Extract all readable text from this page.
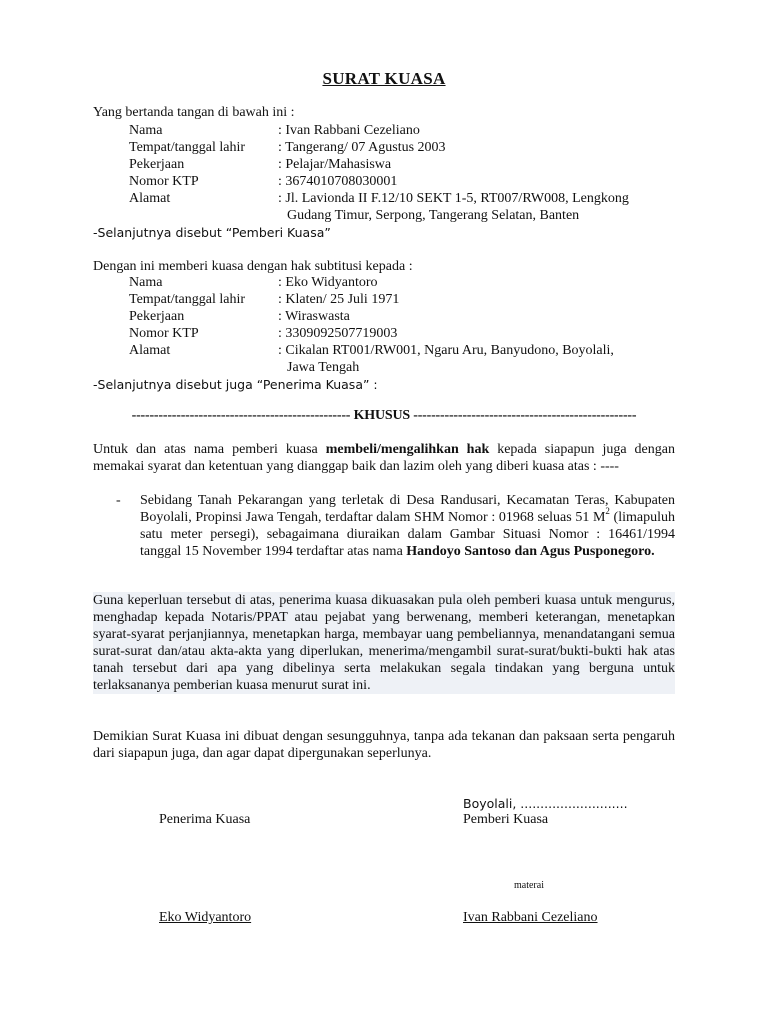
SURAT KUASA
Yang bertanda tangan di bawah ini :
Nama	: Ivan Rabbani Cezeliano
Tempat/tanggal lahir : Tangerang/ 07 Agustus 2003
Pekerjaan	: Pelajar/Mahasiswa
Nomor KTP	: 3674010708030001
Alamat	: Jl. Lavionda II F.12/10 SEKT 1-5, RT007/RW008, Lengkong
Gudang Timur, Serpong, Tangerang Selatan, Banten
-Selanjutnya disebut “Pemberi Kuasa”
Dengan ini memberi kuasa dengan hak subtitusi kepada :
Nama	: Eko Widyantoro
Tempat/tanggal lahir : Klaten/ 25 Juli 1971
Pekerjaan	: Wiraswasta
Nomor KTP	: 3309092507719003
Alamat	: Cikalan RT001/RW001, Ngaru Aru, Banyudono, Boyolali,
Jawa Tengah
-Selanjutnya disebut juga “Penerima Kuasa” :
------------------------------------------------- KHUSUS --------------------------------------------------
Untuk dan atas nama pemberi kuasa membeli/mengalihkan hak kepada siapapun juga dengan memakai syarat dan ketentuan yang dianggap baik dan lazim oleh yang diberi kuasa atas : ----
- Sebidang Tanah Pekarangan yang terletak di Desa Randusari, Kecamatan Teras, Kabupaten Boyolali, Propinsi Jawa Tengah, terdaftar dalam SHM Nomor : 01968 seluas 51 $M^2$ (limapuluh satu meter persegi), sebagaimana diuraikan dalam Gambar Situasi Nomor : 16461/1994 tanggal 15 November 1994 terdaftar atas nama Handoyo Santoso dan Agus Pusponegoro.
Guna keperluan tersebut di atas, penerima kuasa dikuasakan pula oleh pemberi kuasa untuk mengurus, menghadap kepada Notaris/PPAT atau pejabat yang berwenang, memberi keterangan, menetapkan syarat-syarat perjanjiannya, menetapkan harga, membayar uang pembeliannya, menandatangani semua surat-surat dan/atau akta-akta yang diperlukan, menerima/mengambil surat-surat/bukti-bukti hak atas tanah tersebut dari apa yang dibelinya serta melakukan segala tindakan yang berguna untuk terlaksananya pemberian kuasa menurut surat ini.
Demikian Surat Kuasa ini dibuat dengan sesungguhnya, tanpa ada tekanan dan paksaan serta pengaruh dari siapapun juga, dan agar dapat dipergunakan seperlunya.
Boyolali, ...........................
Penerima Kuasa	Pemberi Kuasa
materai
Eko Widyantoro	Ivan Rabbani Cezeliano
